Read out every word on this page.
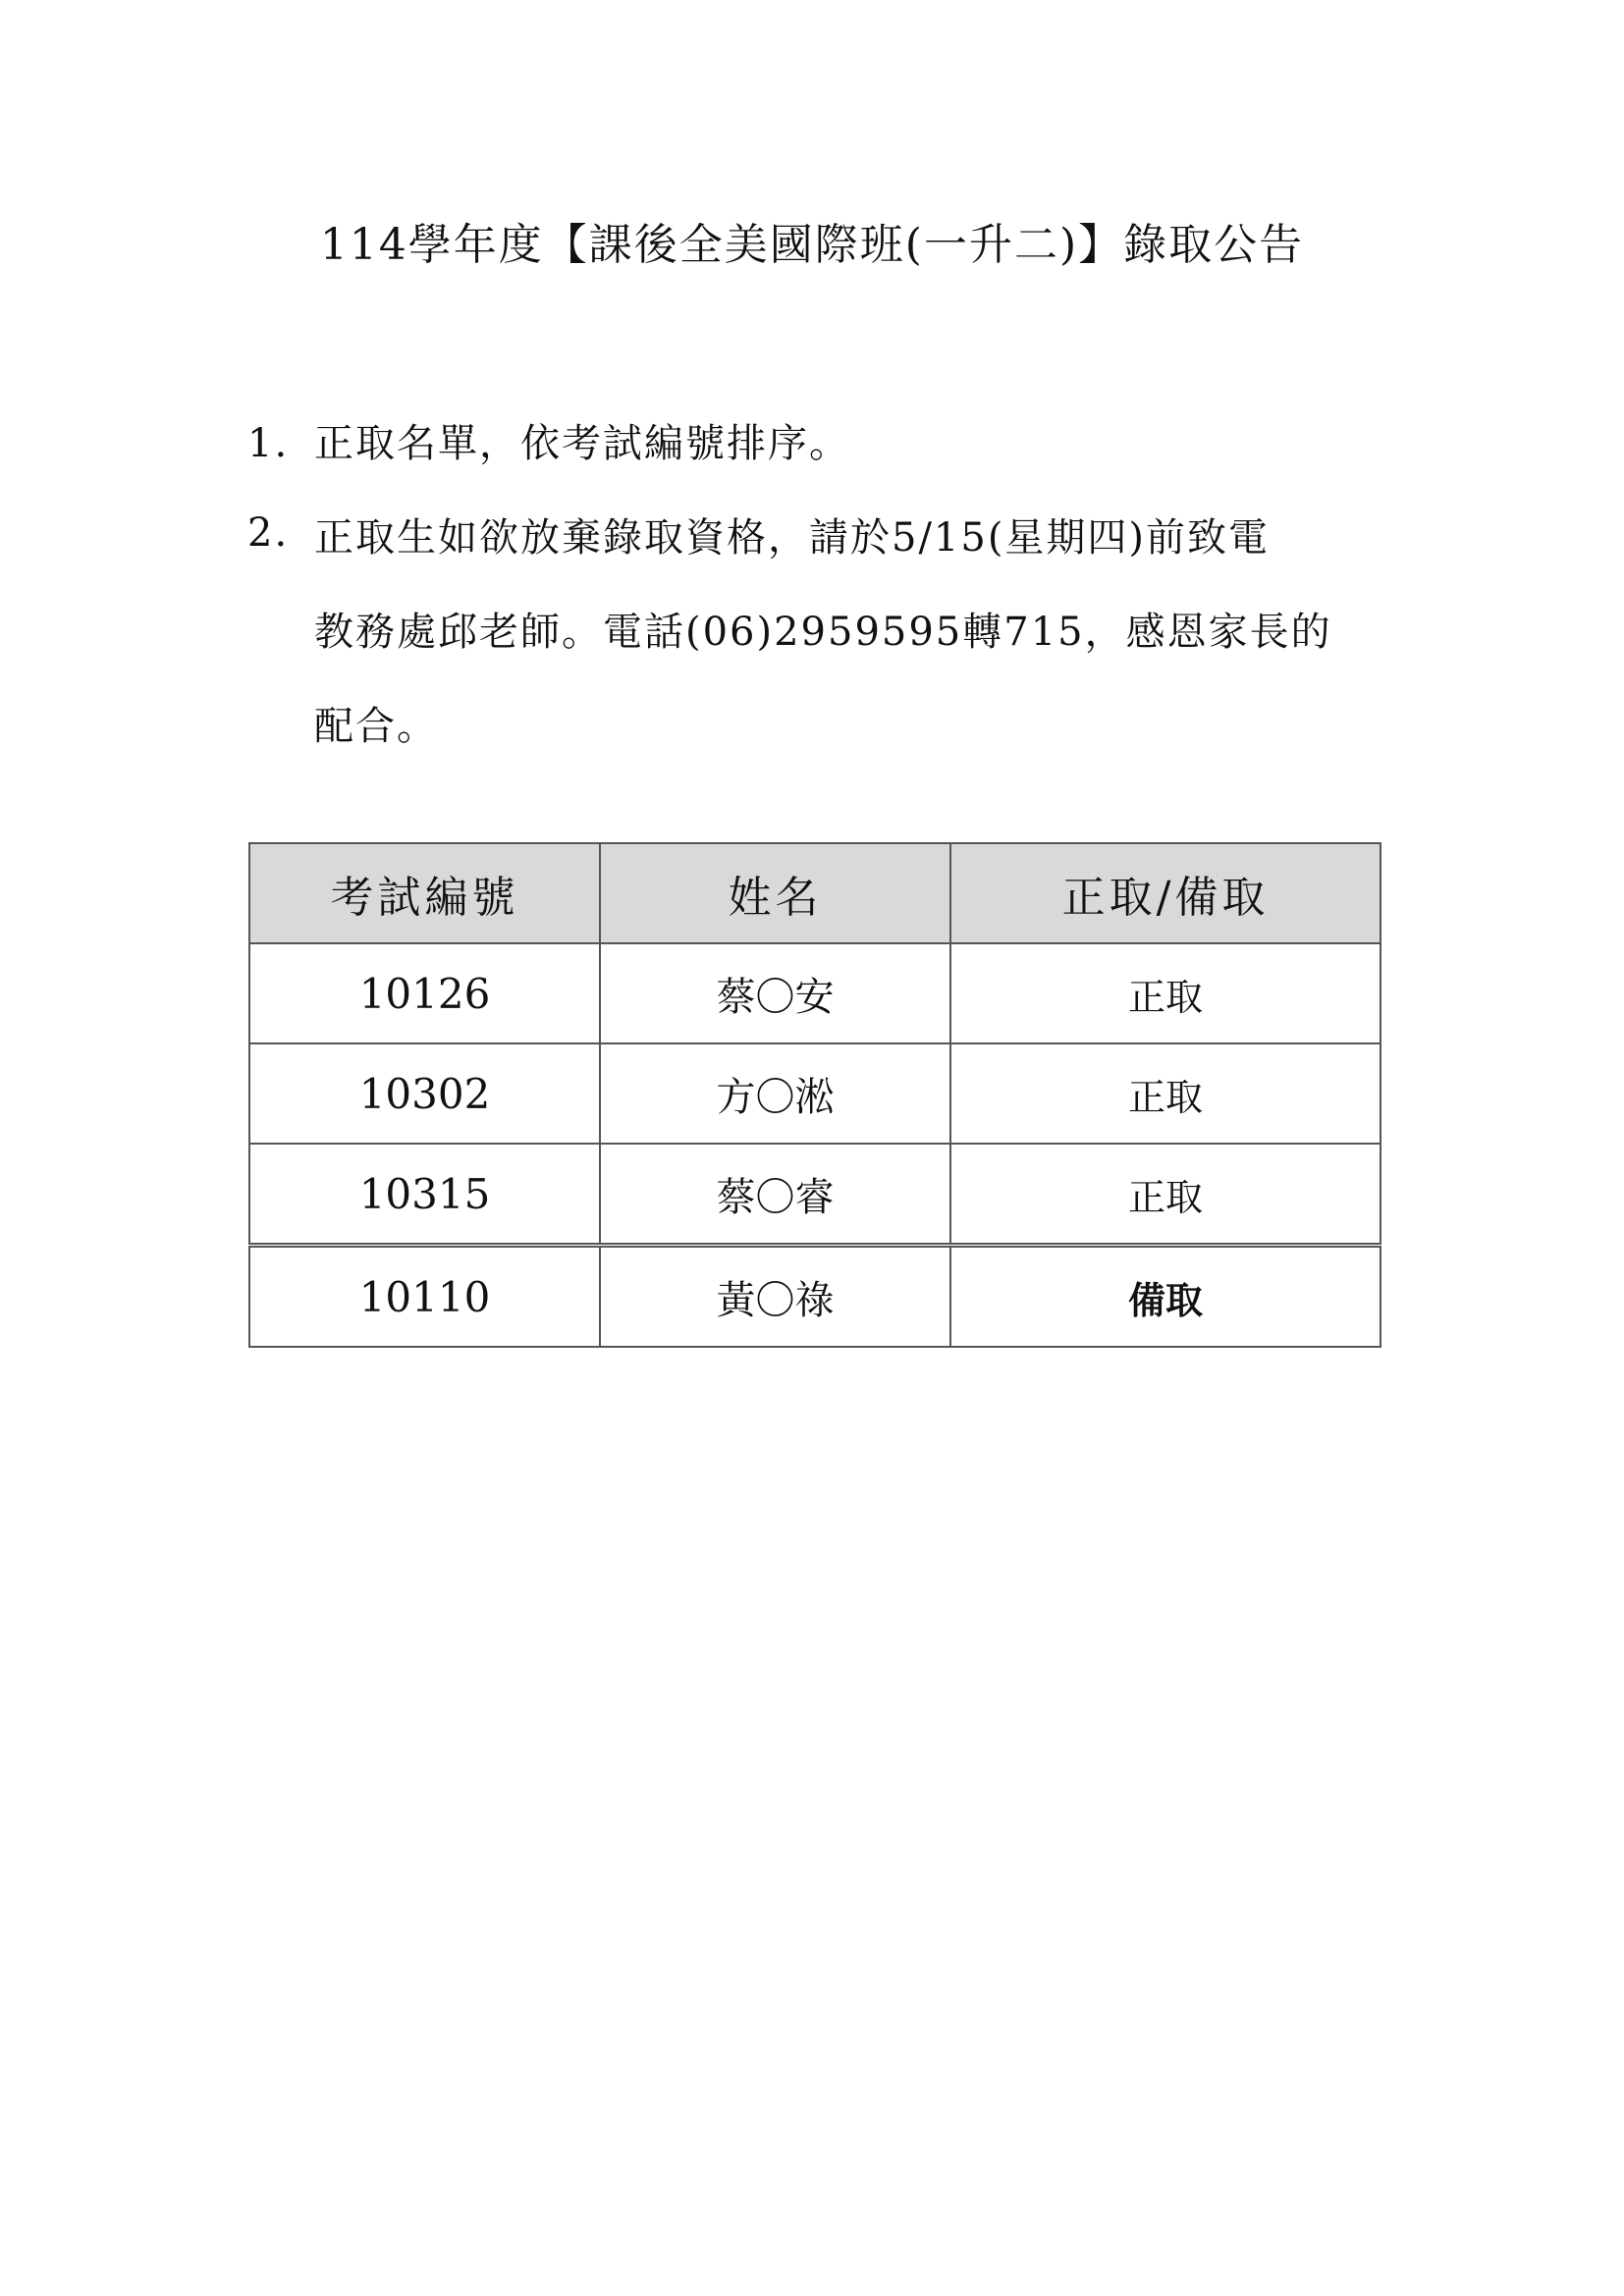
114學年度【課後全美國際班(一升二)】錄取公告
1. 正取名單，依考試編號排序。
2. 正取生如欲放棄錄取資格，請於5/15(星期四)前致電
教務處邱老師。電話(06)2959595轉715，感恩家長的
配合。
考試編號	姓名	正取/備取
10126	蔡〇安	正取
10302	方〇淞	正取
10315	蔡〇睿	正取
10110	黃〇祿	備取
